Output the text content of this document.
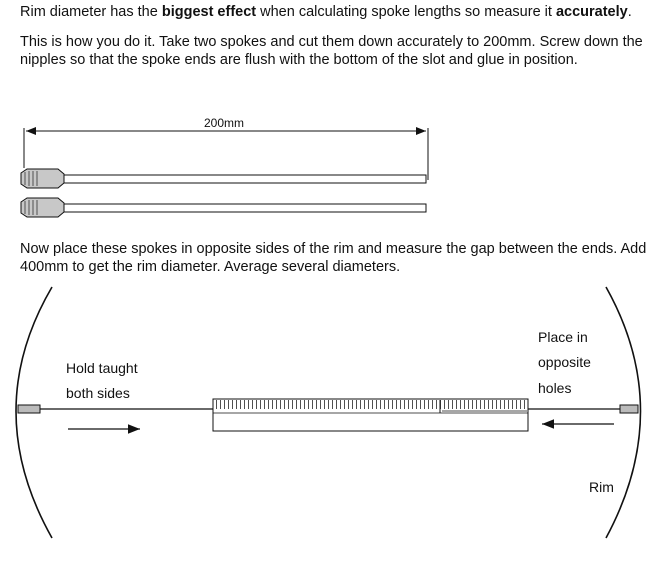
Rim diameter has the biggest effect when calculating spoke lengths so measure it accurately.

This is how you do it. Take two spokes and cut them down accurately to 200mm. Screw down the nipples so that the spoke ends are flush with the bottom of the slot and glue in position.

Now place these spokes in opposite sides of the rim and measure the gap between the ends. Add 400mm to get the rim diameter. Average several diameters.

200mm
Hold taught
both sides
Place in
opposite
holes
Rim
